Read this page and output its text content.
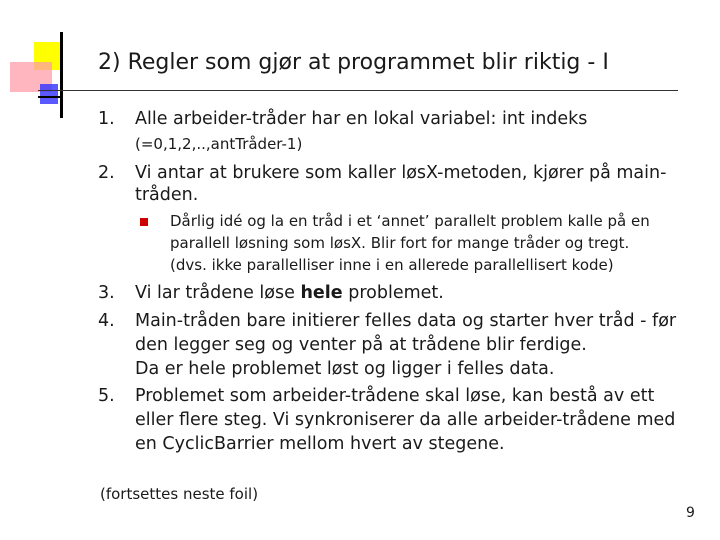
2) Regler som gjør at programmet blir riktig - I
1. Alle arbeider-tråder har en lokal variabel: int indeks
(=0,1,2,..,antTråder-1)
2. Vi antar at brukere som kaller løsX-metoden, kjører på main-
tråden.
Dårlig idé og la en tråd i et ‘annet’ parallelt problem kalle på en
parallell løsning som løsX. Blir fort for mange tråder og tregt.
(dvs. ikke parallelliser inne i en allerede parallellisert kode)
3. Vi lar trådene løse hele problemet.
4. Main-tråden bare initierer felles data og starter hver tråd - før
den legger seg og venter på at trådene blir ferdige.
Da er hele problemet løst og ligger i felles data.
5. Problemet som arbeider-trådene skal løse, kan bestå av ett
eller flere steg. Vi synkroniserer da alle arbeider-trådene med
en CyclicBarrier mellom hvert av stegene.
(fortsettes neste foil)
9
